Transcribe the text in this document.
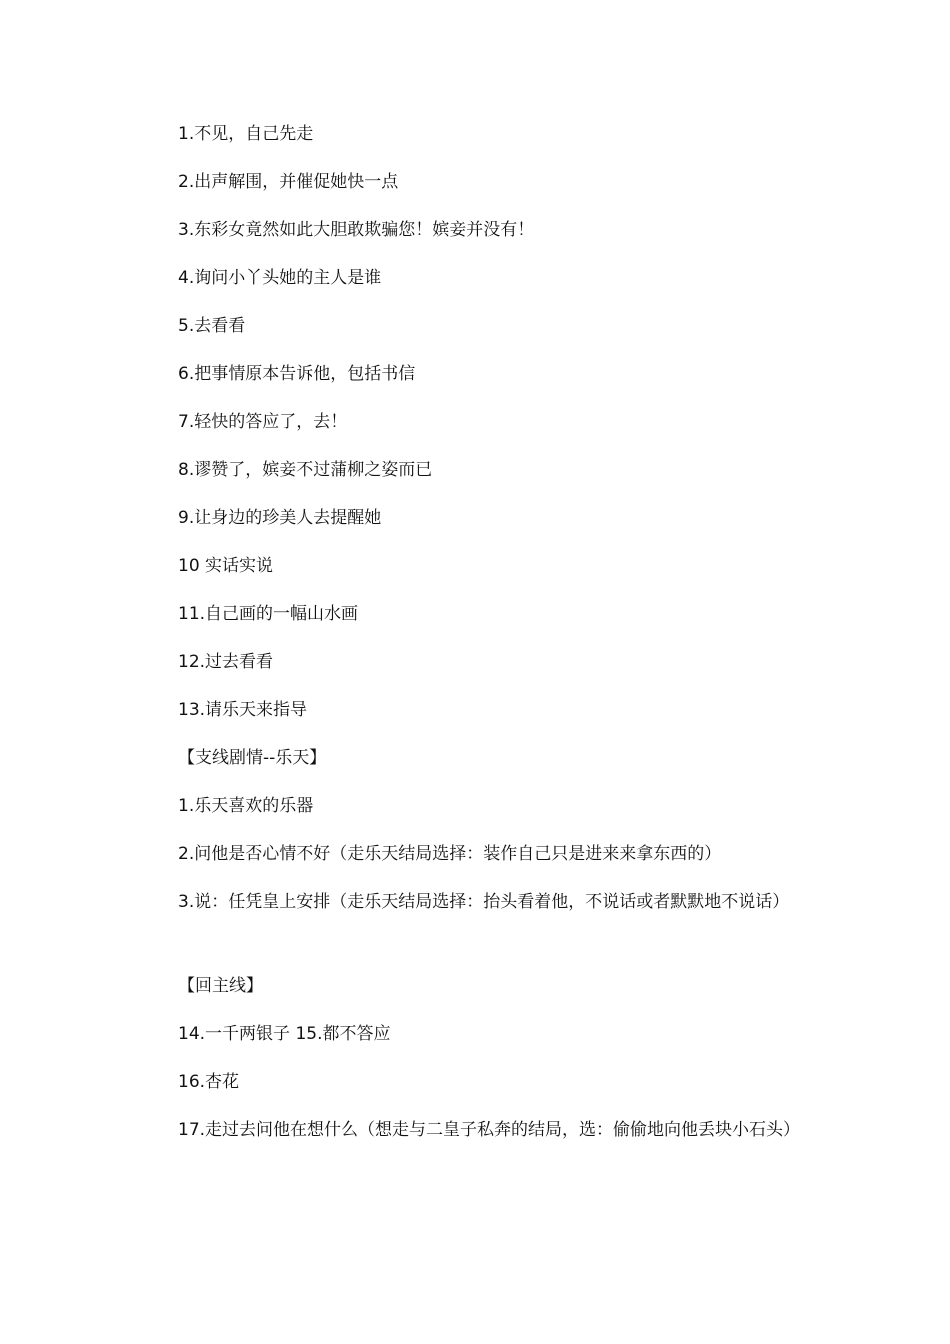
1.不见，自己先走

2.出声解围，并催促她快一点

3.东彩女竟然如此大胆敢欺骗您！嫔妾并没有！

4.询问小丫头她的主人是谁

5.去看看

6.把事情原本告诉他，包括书信

7.轻快的答应了，去！

8.谬赞了，嫔妾不过蒲柳之姿而已

9.让身边的珍美人去提醒她

10 实话实说

11.自己画的一幅山水画

12.过去看看

13.请乐天来指导

【支线剧情--乐天】

1.乐天喜欢的乐器

2.问他是否心情不好（走乐天结局选择：装作自己只是进来来拿东西的）

3.说：任凭皇上安排（走乐天结局选择：抬头看着他，不说话或者默默地不说话）

【回主线】

14.一千两银子 15.都不答应

16.杏花

17.走过去问他在想什么（想走与二皇子私奔的结局，选：偷偷地向他丢块小石头）
